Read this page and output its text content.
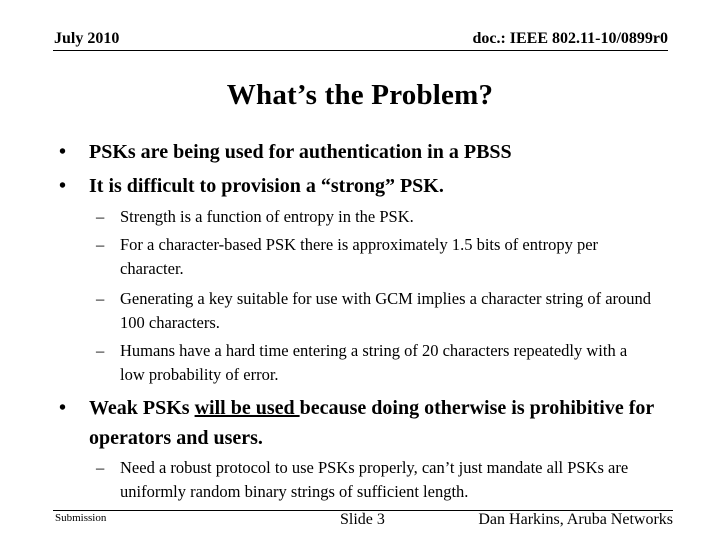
July 2010	doc.: IEEE 802.11-10/0899r0
What’s the Problem?
•	PSKs are being used for authentication in a PBSS
•	It is difficult to provision a “strong” PSK.
– Strength is a function of entropy in the PSK.
– For a character-based PSK there is approximately 1.5 bits of entropy per character.
– Generating a key suitable for use with GCM implies a character string of around 100 characters.
– Humans have a hard time entering a string of 20 characters repeatedly with a low probability of error.
•	Weak PSKs will be used because doing otherwise is prohibitive for operators and users.
– Need a robust protocol to use PSKs properly, can’t just mandate all PSKs are uniformly random binary strings of sufficient length.
Submission	Slide 3	Dan Harkins, Aruba Networks
